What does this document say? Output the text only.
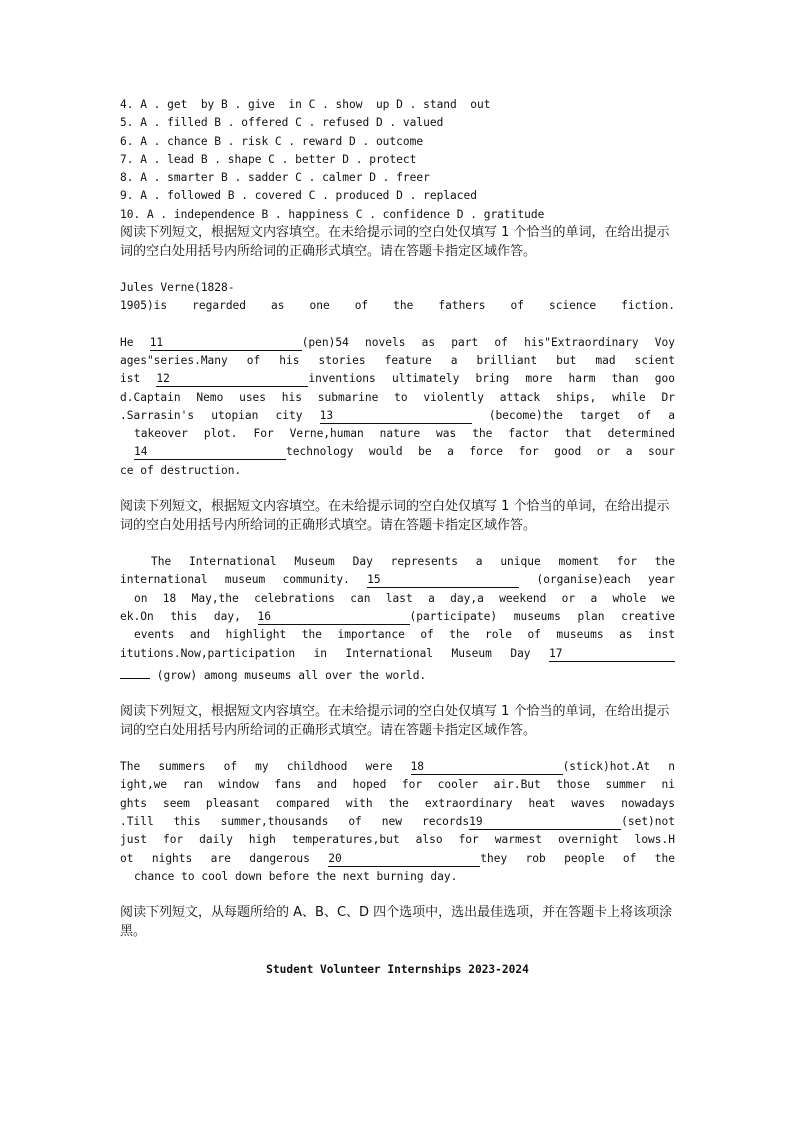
4. A . get  by B . give  in C . show  up D . stand  out
5. A . filled B . offered C . refused D . valued
6. A . chance B . risk C . reward D . outcome
7. A . lead B . shape C . better D . protect
8. A . smarter B . sadder C . calmer D . freer
9. A . followed B . covered C . produced D . replaced
10. A . independence B . happiness C . confidence D . gratitude
阅读下列短文，根据短文内容填空。在未给提示词的空白处仅填写 1 个恰当的单词，在给出提示词的空白处用括号内所给词的正确形式填空。请在答题卡指定区域作答。
Jules Verne(1828-
1905)is regarded as one of the fathers of science fiction.
He 11	(pen)54 novels as part of his"Extraordinary Voy
ages"series.Many of his stories feature a brilliant but mad scient
ist 12	inventions ultimately bring more harm than goo
d.Captain Nemo uses his submarine to violently attack ships, while Dr
.Sarrasin's utopian city 13	(become)the target of a
takeover plot. For Verne,human nature was the factor that determined
14	technology would be a force for good or a sour
ce of destruction.
阅读下列短文，根据短文内容填空。在未给提示词的空白处仅填写 1 个恰当的单词，在给出提示词的空白处用括号内所给词的正确形式填空。请在答题卡指定区域作答。
The International Museum Day represents a unique moment for the
international museum community. 15	(organise)each year
on 18 May,the celebrations can last a day,a weekend or a whole we
ek.On this day, 16	(participate) museums plan creative
events and highlight the importance of the role of museums as inst
itutions.Now,participation in International Museum Day 17
(grow) among museums all over the world.
阅读下列短文，根据短文内容填空。在未给提示词的空白处仅填写 1 个恰当的单词，在给出提示词的空白处用括号内所给词的正确形式填空。请在答题卡指定区域作答。
The summers of my childhood were 18	(stick)hot.At n
ight,we ran window fans and hoped for cooler air.But those summer ni
ghts seem pleasant compared with the extraordinary heat waves nowadays
.Till this summer,thousands of new records19	(set)not
just for daily high temperatures,but also for warmest overnight lows.H
ot nights are dangerous 20	they rob people of the
chance to cool down before the next burning day.
阅读下列短文，从每题所给的 A、B、C、D 四个选项中，选出最佳选项，并在答题卡上将该项涂黑。
Student Volunteer Internships 2023-2024
